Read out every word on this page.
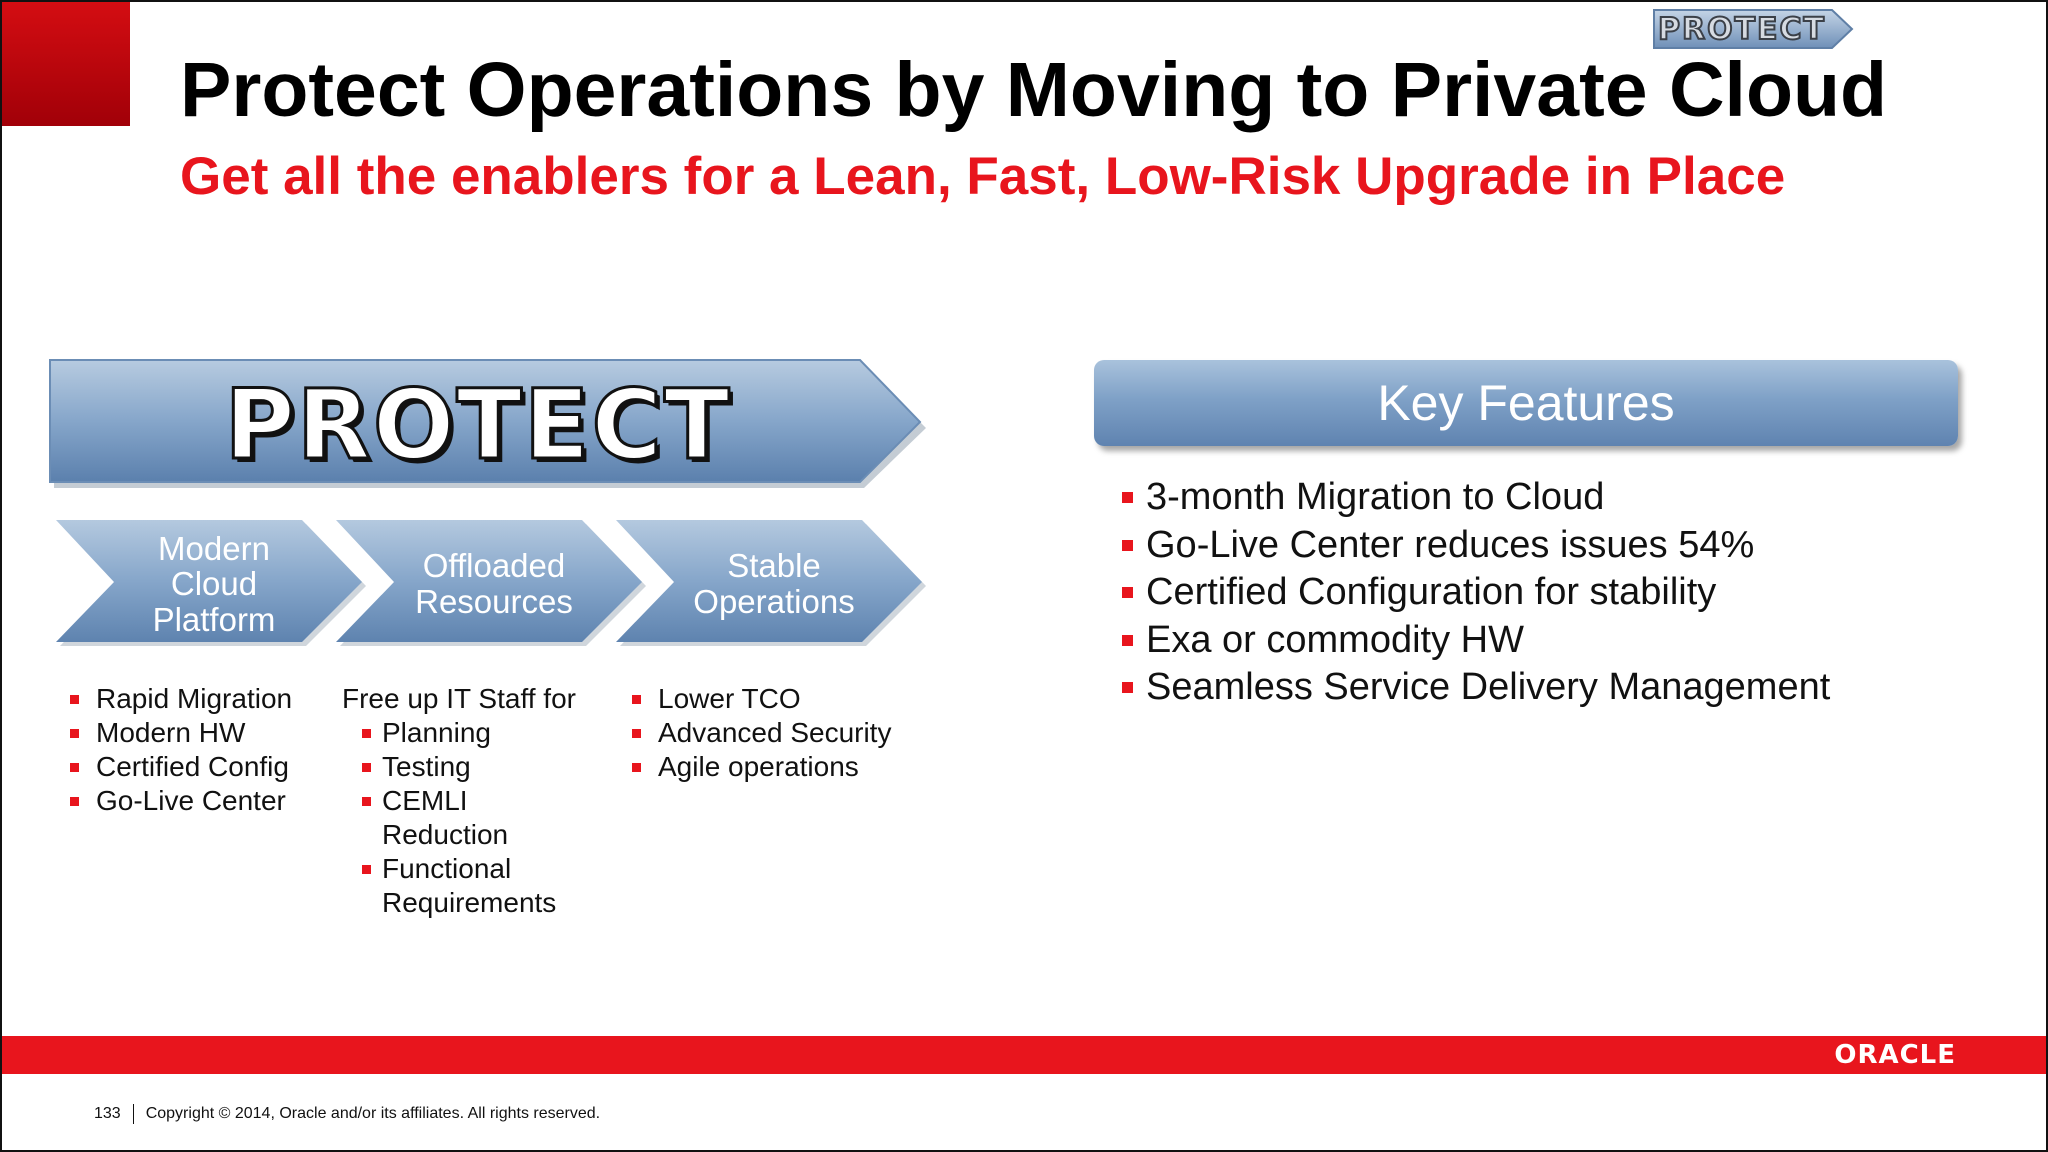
PROTECT
Protect Operations by Moving to Private Cloud
Get all the enablers for a Lean, Fast, Low-Risk Upgrade in Place
PROTECT
Modern Cloud Platform
Offloaded Resources
Stable Operations
Rapid Migration
Modern HW
Certified Config
Go-Live Center
Free up IT Staff for
Planning
Testing
CEMLI Reduction
Functional Requirements
Lower TCO
Advanced Security
Agile operations
Key Features
3-month Migration to Cloud
Go-Live Center reduces issues 54%
Certified Configuration for stability
Exa or commodity HW
Seamless Service Delivery Management
ORACLE
133 Copyright © 2014, Oracle and/or its affiliates. All rights reserved.
